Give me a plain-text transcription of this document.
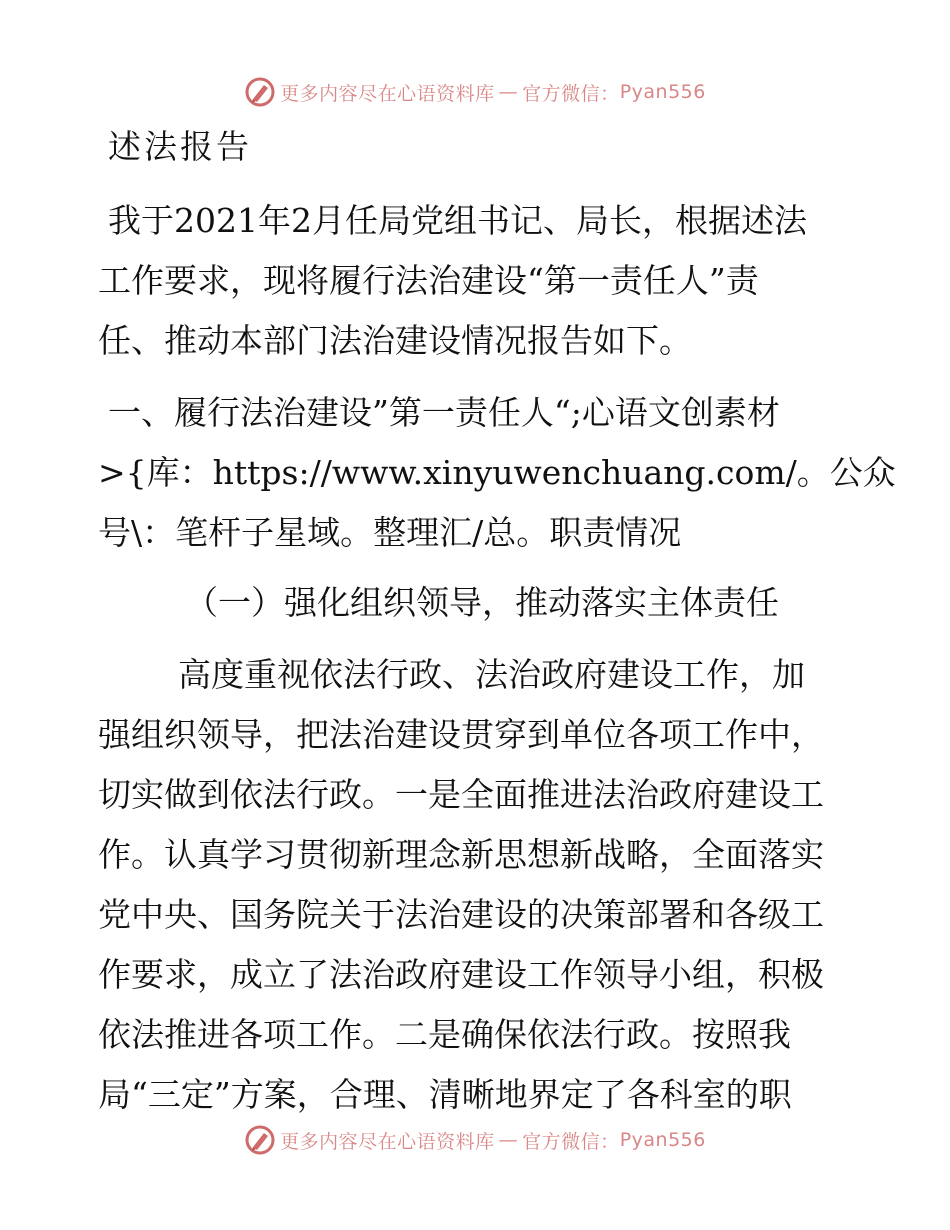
更多内容尽在心语资料库 — 官方微信： Pyan556
述法报告
我于2021年2月任局党组书记、局长，根据述法
工作要求，现将履行法治建设“第一责任人”责
任、推动本部门法治建设情况报告如下。
一、履行法治建设”第一责任人“;心语文创素材
>{库：https://www.xinyuwenchuang.com/。公众
号\：笔杆子星域。整理汇/总。职责情况
（一）强化组织领导，推动落实主体责任
高度重视依法行政、法治政府建设工作，加
强组织领导，把法治建设贯穿到单位各项工作中，
切实做到依法行政。一是全面推进法治政府建设工
作。认真学习贯彻新理念新思想新战略，全面落实
党中央、国务院关于法治建设的决策部署和各级工
作要求，成立了法治政府建设工作领导小组，积极
依法推进各项工作。二是确保依法行政。按照我
局“三定”方案，合理、清晰地界定了各科室的职
更多内容尽在心语资料库 — 官方微信： Pyan556
